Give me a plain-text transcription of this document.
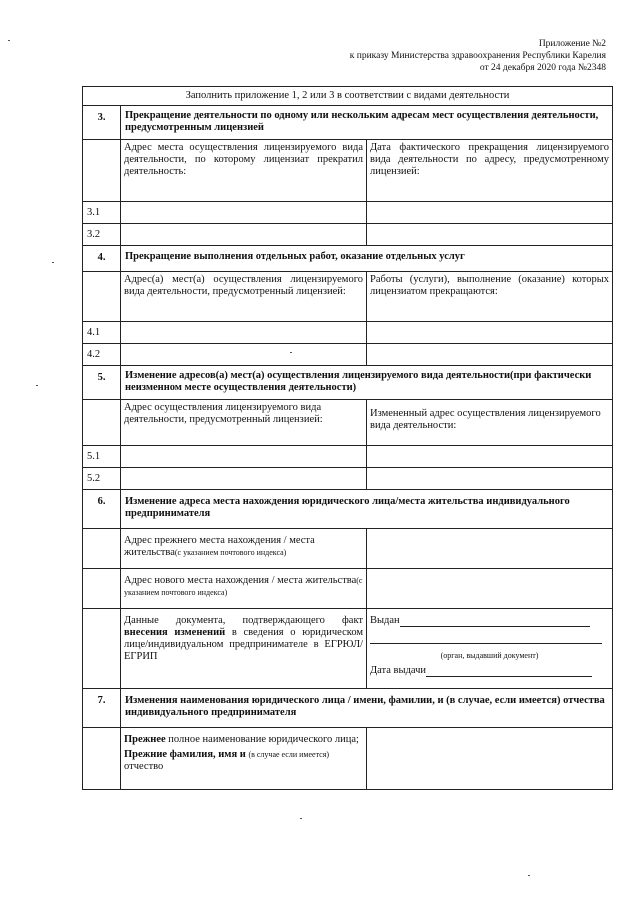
Приложение №2
к приказу Министерства здравоохранения Республики Карелия
от 24 декабря 2020 года №2348
Заполнить приложение 1, 2 или 3 в соответствии с видами деятельности		
3.	Прекращение деятельности по одному или нескольким адресам мест осуществления деятельности, предусмотренным лицензией	
	Адрес места осуществления лицензируемого вида деятельности, по которому лицензиат прекратил деятельность:	Дата фактического прекращения лицензируемого вида деятельности по адресу, предусмотренному лицензией:
3.1		
3.2		
4.	Прекращение выполнения отдельных работ, оказание отдельных услуг	
	Адрес(а) мест(а) осуществления лицензируемого вида деятельности, предусмотренный лицензией:	Работы (услуги), выполнение (оказание) которых лицензиатом прекращаются:
4.1		
4.2		
5.	Изменение адресов(а) мест(а) осуществления лицензируемого вида деятельности(при фактически неизменном месте осуществления деятельности)	
	Адрес осуществления лицензируемого вида деятельности, предусмотренный лицензией:	Измененный адрес осуществления лицензируемого вида деятельности:
5.1		
5.2		
6.	Изменение адреса места нахождения юридического лица/места жительства индивидуального предпринимателя	
	Адрес прежнего места нахождения / места жительства(с указанием почтового индекса)	
	Адрес нового места нахождения / места жительства(с указанием почтового индекса)	
	Данные документа, подтверждающего факт внесения изменений в сведения о юридическом лице/индивидуальном предпринимателе в ЕГРЮЛ/ЕГРИП	Выдан
(орган, выдавший документ)
Дата выдачи

7.	Изменения наименования юридического лица / имени, фамилии, и (в случае, если имеется) отчества индивидуального предпринимателя	

	Прежнее полное наименование юридического лица;
Прежние фамилия, имя и (в случае если имеется) отчество	
